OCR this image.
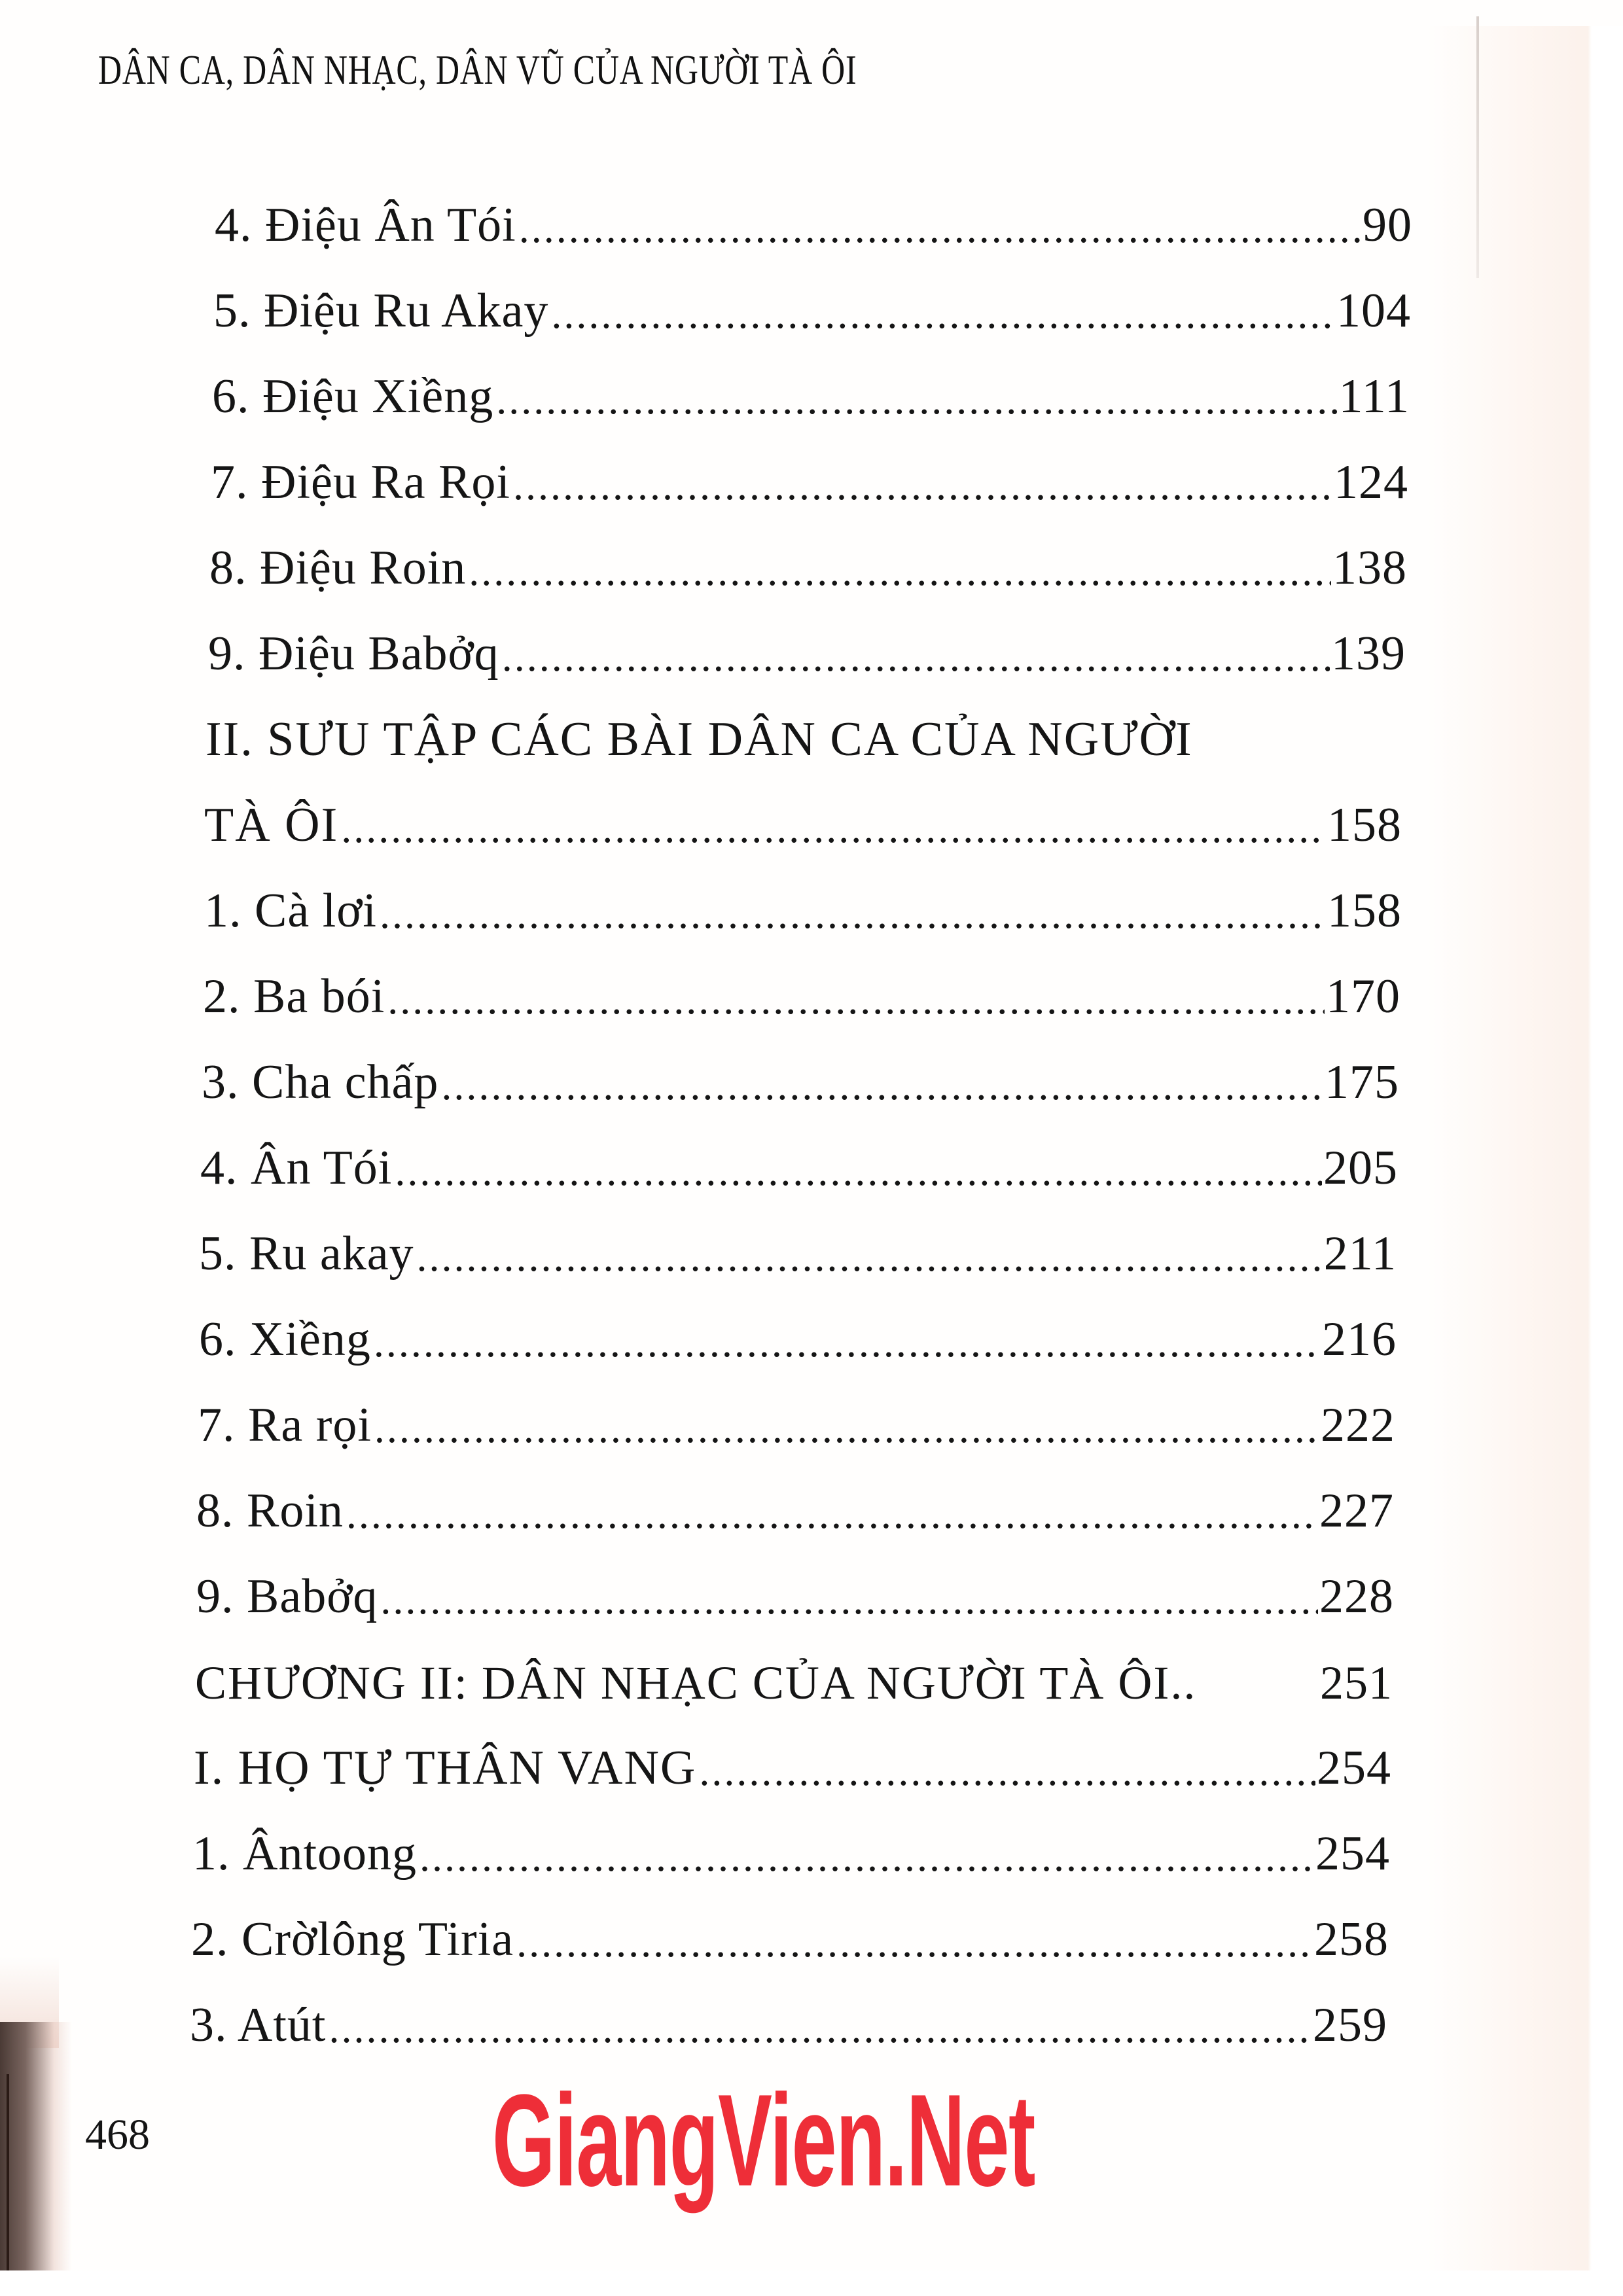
DÂN CA, DÂN NHẠC, DÂN VŨ CỦA NGƯỜI TÀ ÔI
4. Điệu Ân Tói .....	90
5. Điệu Ru Akay .....	104
6. Điệu Xiềng .....	111
7. Điệu Ra Rọi .....	124
8. Điệu Roin .....	138
9. Điệu Babởq .....	139
II. SƯU TẬP CÁC BÀI DÂN CA CỦA NGƯỜI
TÀ ÔI .....	158
1. Cà lơi .....	158
2. Ba bói .....	170
3. Cha chấp .....	175
4. Ân Tói .....	205
5. Ru akay .....	211
6. Xiềng .....	216
7. Ra rọi .....	222
8. Roin .....	227
9. Babởq .....	228
CHƯƠNG II: DÂN NHẠC CỦA NGƯỜI TÀ ÔI..	251
I. HỌ TỰ THÂN VANG .....	254
1. Ântoong .....	254
2. Crờlông Tiria .....	258
3. Atút .....	259
468	GiangVien.Net
